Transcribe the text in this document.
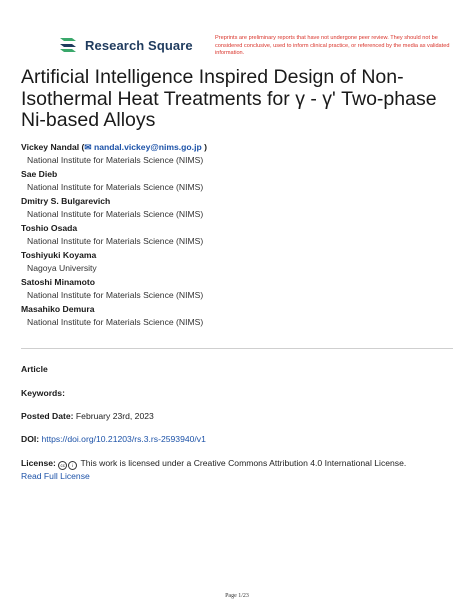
Research Square	Preprints are preliminary reports that have not undergone peer review. They should not be considered conclusive, used to inform clinical practice, or referenced by the media as validated information.
Artificial Intelligence Inspired Design of Non-Isothermal Heat Treatments for γ - γ' Two-phase Ni-based Alloys
Vickey Nandal (✉ nandal.vickey@nims.go.jp )
National Institute for Materials Science (NIMS)
Sae Dieb
National Institute for Materials Science (NIMS)
Dmitry S. Bulgarevich
National Institute for Materials Science (NIMS)
Toshio Osada
National Institute for Materials Science (NIMS)
Toshiyuki Koyama
Nagoya University
Satoshi Minamoto
National Institute for Materials Science (NIMS)
Masahiko Demura
National Institute for Materials Science (NIMS)
Article
Keywords:
Posted Date: February 23rd, 2023
DOI: https://doi.org/10.21203/rs.3.rs-2593940/v1
License: cc i This work is licensed under a Creative Commons Attribution 4.0 International License.
Read Full License
Page 1/23
